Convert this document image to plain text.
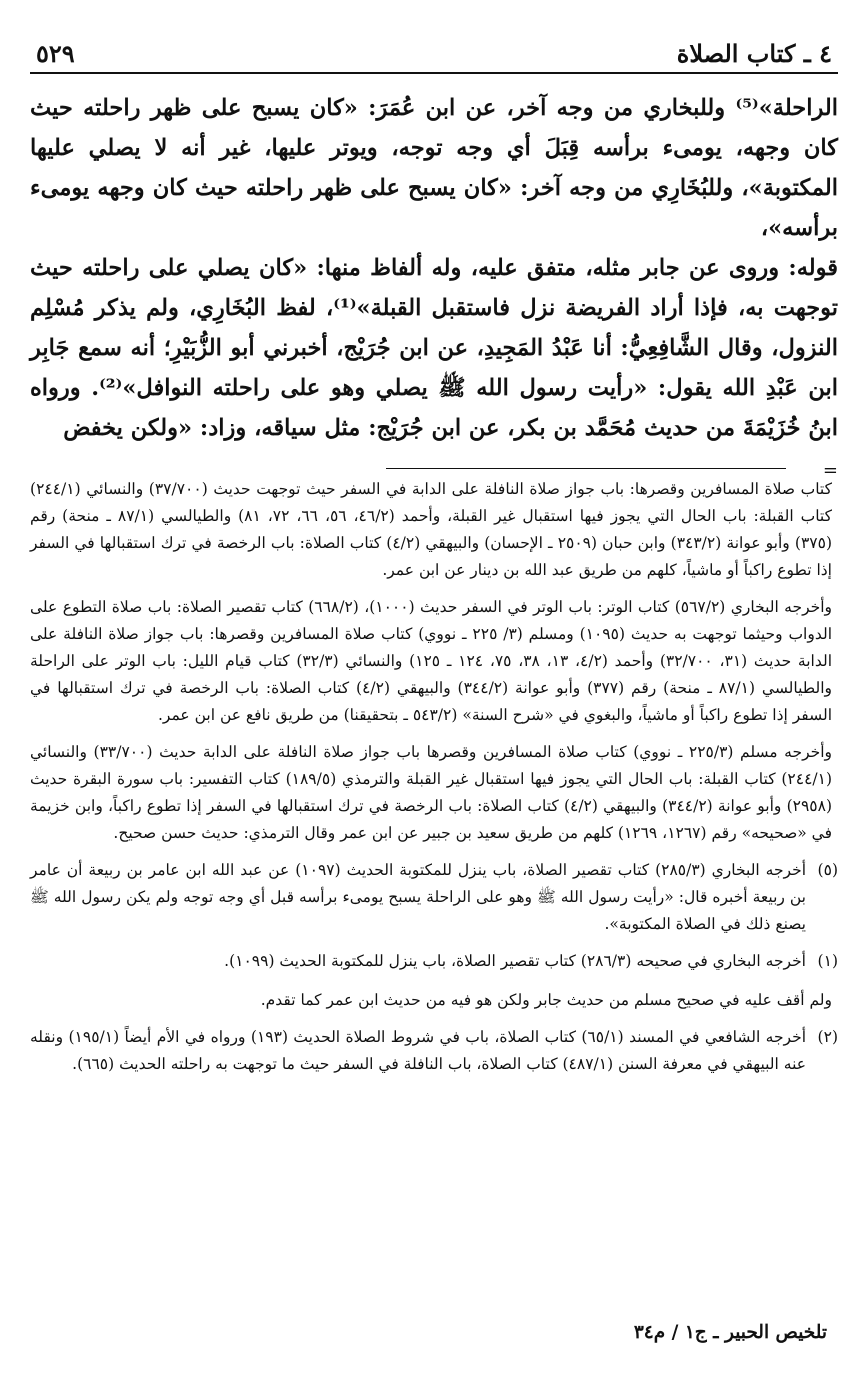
٤ ـ كتاب الصلاة
٥٢٩

الراحلة»⁽⁵⁾ وللبخاري من وجه آخر، عن ابن عُمَرَ: «كان يسبح على ظهر راحلته حيث كان وجهه، يومىء برأسه قِبَلَ أي وجه توجه، ويوتر عليها، غير أنه لا يصلي عليها المكتوبة»، وللبُخَارِي من وجه آخر: «كان يسبح على ظهر راحلته حيث كان وجهه يومىء برأسه»،

قوله: وروى عن جابر مثله، متفق عليه، وله ألفاظ منها: «كان يصلي على راحلته حيث توجهت به، فإذا أراد الفريضة نزل فاستقبل القبلة»⁽¹⁾، لفظ البُخَارِي، ولم يذكر مُسْلِم النزول، وقال الشَّافِعِيُّ: أنا عَبْدُ المَجِيدِ، عن ابن جُرَيْج، أخبرني أبو الزُّبَيْرِ؛ أنه سمع جَابِر ابن عَبْدِ الله يقول: «رأيت رسول الله ﷺ يصلي وهو على راحلته النوافل»⁽²⁾. ورواه ابنُ خُزَيْمَةَ من حديث مُحَمَّد بن بكر، عن ابن جُرَيْج: مثل سياقه، وزاد: «ولكن يخفض

=
كتاب صلاة المسافرين وقصرها: باب جواز صلاة النافلة على الدابة في السفر حيث توجهت حديث (٣٧/٧٠٠) والنسائي (٢٤٤/١) كتاب القبلة: باب الحال التي يجوز فيها استقبال غير القبلة، وأحمد (٤٦/٢، ٥٦، ٦٦، ٧٢، ٨١) والطيالسي (٨٧/١ ـ منحة) رقم (٣٧٥) وأبو عوانة (٣٤٣/٢) وابن حبان (٢٥٠٩ ـ الإحسان) والبيهقي (٤/٢) كتاب الصلاة: باب الرخصة في ترك استقبالها في السفر إذا تطوع راكباً أو ماشياً، كلهم من طريق عبد الله بن دينار عن ابن عمر.
وأخرجه البخاري (٥٦٧/٢) كتاب الوتر: باب الوتر في السفر حديث (١٠٠٠)، (٦٦٨/٢) كتاب تقصير الصلاة: باب صلاة التطوع على الدواب وحيثما توجهت به حديث (١٠٩٥) ومسلم (٣/ ٢٢٥ ـ نووي) كتاب صلاة المسافرين وقصرها: باب جواز صلاة النافلة على الدابة حديث (٣١، ٣٢/٧٠٠) وأحمد (٤/٢، ١٣، ٣٨، ٧٥، ١٢٤ ـ ١٢٥) والنسائي (٣٢/٣) كتاب قيام الليل: باب الوتر على الراحلة والطيالسي (٨٧/١ ـ منحة) رقم (٣٧٧) وأبو عوانة (٣٤٤/٢) والبيهقي (٤/٢) كتاب الصلاة: باب الرخصة في ترك استقبالها في السفر إذا تطوع راكباً أو ماشياً، والبغوي في «شرح السنة» (٥٤٣/٢ ـ بتحقيقنا) من طريق نافع عن ابن عمر.
وأخرجه مسلم (٢٢٥/٣ ـ نووي) كتاب صلاة المسافرين وقصرها باب جواز صلاة النافلة على الدابة حديث (٣٣/٧٠٠) والنسائي (٢٤٤/١) كتاب القبلة: باب الحال التي يجوز فيها استقبال غير القبلة والترمذي (١٨٩/٥) كتاب التفسير: باب سورة البقرة حديث (٢٩٥٨) وأبو عوانة (٣٤٤/٢) والبيهقي (٤/٢) كتاب الصلاة: باب الرخصة في ترك استقبالها في السفر إذا تطوع راكباً، وابن خزيمة في «صحيحه» رقم (١٢٦٧، ١٢٦٩) كلهم من طريق سعيد بن جبير عن ابن عمر وقال الترمذي: حديث حسن صحيح.
(٥)
أخرجه البخاري (٢٨٥/٣) كتاب تقصير الصلاة، باب ينزل للمكتوبة الحديث (١٠٩٧) عن عبد الله ابن عامر بن ربيعة أن عامر بن ربيعة أخبره قال: «رأيت رسول الله ﷺ وهو على الراحلة يسبح يومىء برأسه قبل أي وجه توجه ولم يكن رسول الله ﷺ يصنع ذلك في الصلاة المكتوبة».
(١)
أخرجه البخاري في صحيحه (٢٨٦/٣) كتاب تقصير الصلاة، باب ينزل للمكتوبة الحديث (١٠٩٩).
ولم أقف عليه في صحيح مسلم من حديث جابر ولكن هو فيه من حديث ابن عمر كما تقدم.
(٢)
أخرجه الشافعي في المسند (٦٥/١) كتاب الصلاة، باب في شروط الصلاة الحديث (١٩٣) ورواه في الأم أيضاً (١٩٥/١) ونقله عنه البيهقي في معرفة السنن (٤٨٧/١) كتاب الصلاة، باب النافلة في السفر حيث ما توجهت به راحلته الحديث (٦٦٥).
تلخيص الحبير ـ ج١ / م٣٤
